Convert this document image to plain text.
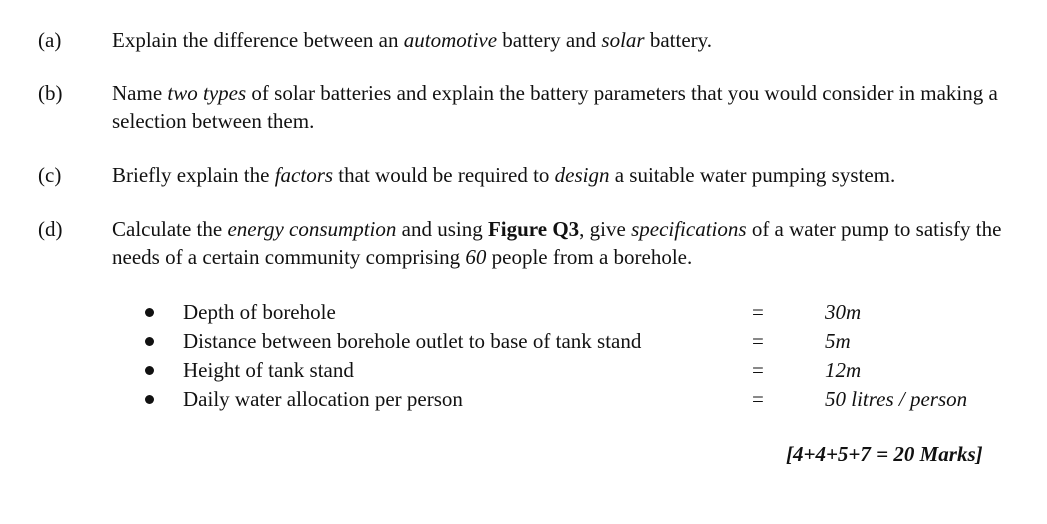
(a) Explain the difference between an automotive battery and solar battery.
(b) Name two types of solar batteries and explain the battery parameters that you would consider in making a selection between them.
(c) Briefly explain the factors that would be required to design a suitable water pumping system.
(d) Calculate the energy consumption and using Figure Q3, give specifications of a water pump to satisfy the needs of a certain community comprising 60 people from a borehole.
Depth of borehole	=	30m
Distance between borehole outlet to base of tank stand	=	5m
Height of tank stand	=	12m
Daily water allocation per person	=	50 litres / person
[4+4+5+7 = 20 Marks]
